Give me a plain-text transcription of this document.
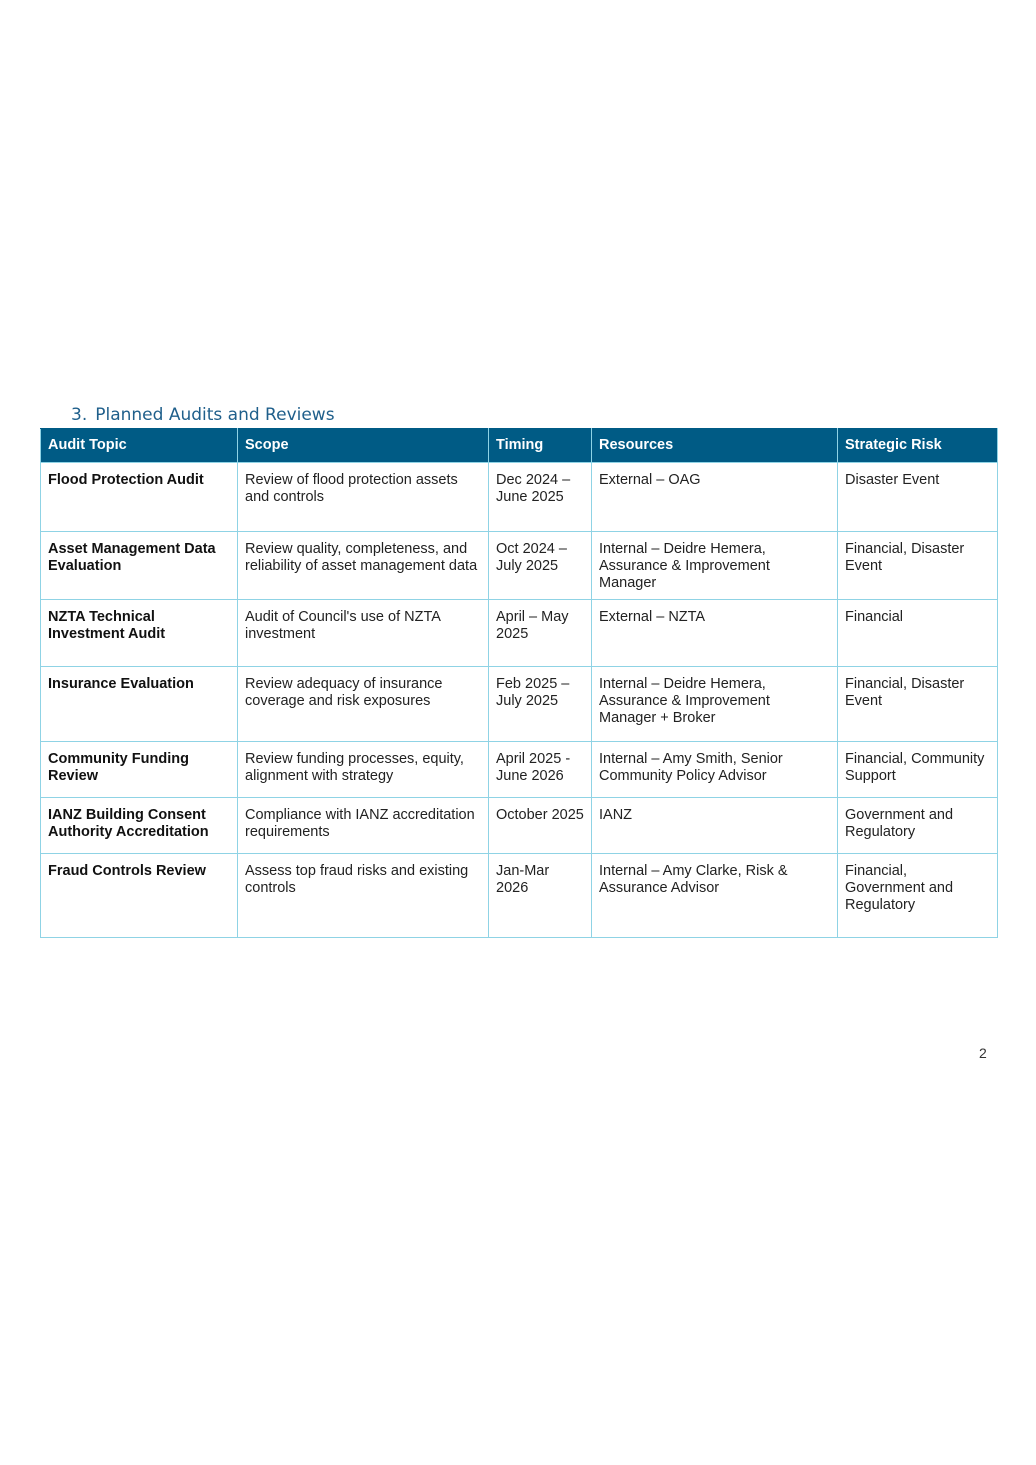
3. Planned Audits and Reviews
Audit Topic	Scope	Timing	Resources	Strategic Risk
Flood Protection Audit	Review of flood protection assets and controls	Dec 2024 – June 2025	External – OAG	Disaster Event
Asset Management Data Evaluation	Review quality, completeness, and reliability of asset management data	Oct 2024 – July 2025	Internal – Deidre Hemera, Assurance & Improvement Manager	Financial, Disaster Event
NZTA Technical Investment Audit	Audit of Council's use of NZTA investment	April – May 2025	External – NZTA	Financial
Insurance Evaluation	Review adequacy of insurance coverage and risk exposures	Feb 2025 – July 2025	Internal – Deidre Hemera, Assurance & Improvement Manager + Broker	Financial, Disaster Event
Community Funding Review	Review funding processes, equity, alignment with strategy	April 2025 - June 2026	Internal – Amy Smith, Senior Community Policy Advisor	Financial, Community Support
IANZ Building Consent Authority Accreditation	Compliance with IANZ accreditation requirements	October 2025	IANZ	Government and Regulatory
Fraud Controls Review	Assess top fraud risks and existing controls	Jan-Mar 2026	Internal – Amy Clarke, Risk & Assurance Advisor	Financial, Government and Regulatory
2
